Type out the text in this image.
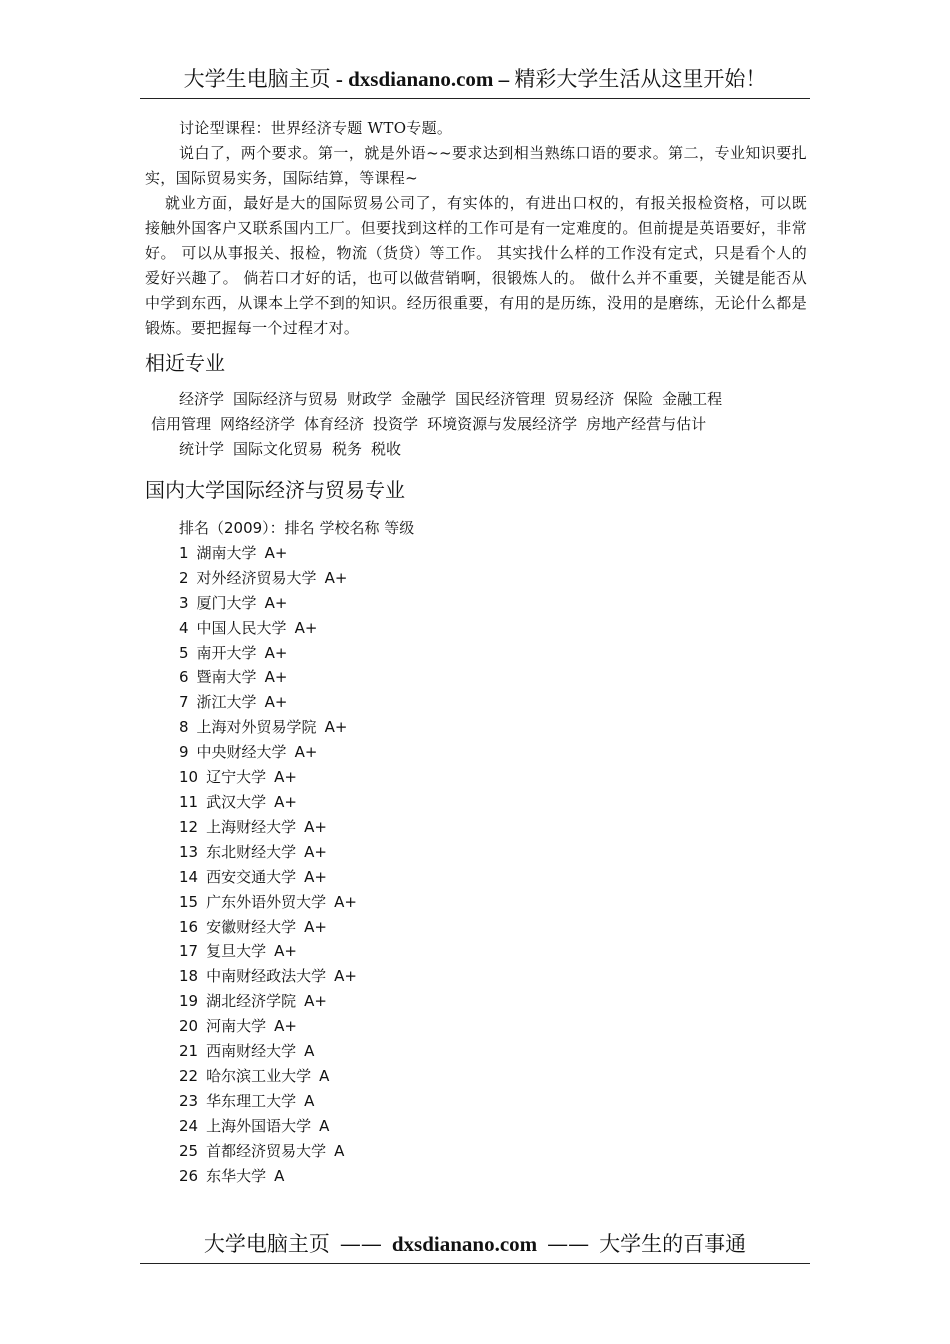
大学生电脑主页 - dxsdianano.com – 精彩大学生活从这里开始！

讨论型课程：世界经济专题 WTO专题。

说白了，两个要求。第一，就是外语~~要求达到相当熟练口语的要求。第二，专业知识要扎实，国际贸易实务，国际结算，等课程~

就业方面，最好是大的国际贸易公司了，有实体的，有进出口权的，有报关报检资格，可以既接触外国客户又联系国内工厂。但要找到这样的工作可是有一定难度的。但前提是英语要好，非常好。 可以从事报关、报检，物流（货贷）等工作。 其实找什么样的工作没有定式，只是看个人的爱好兴趣了。 倘若口才好的话，也可以做营销啊，很锻炼人的。 做什么并不重要，关键是能否从中学到东西，从课本上学不到的知识。经历很重要，有用的是历练，没用的是磨练，无论什么都是锻炼。要把握每一个过程才对。

相近专业
经济学 国际经济与贸易 财政学 金融学 国民经济管理 贸易经济 保险 金融工程
信用管理 网络经济学 体育经济 投资学 环境资源与发展经济学 房地产经营与估计
统计学 国际文化贸易 税务 税收
国内大学国际经济与贸易专业
排名（2009）：排名 学校名称 等级
1 湖南大学 A+
2 对外经济贸易大学 A+
3 厦门大学 A+
4 中国人民大学 A+
5 南开大学 A+
6 暨南大学 A+
7 浙江大学 A+
8 上海对外贸易学院 A+
9 中央财经大学 A+
10 辽宁大学 A+
11 武汉大学 A+
12 上海财经大学 A+
13 东北财经大学 A+
14 西安交通大学 A+
15 广东外语外贸大学 A+
16 安徽财经大学 A+
17 复旦大学 A+
18 中南财经政法大学 A+
19 湖北经济学院 A+
20 河南大学 A+
21 西南财经大学 A
22 哈尔滨工业大学 A
23 华东理工大学 A
24 上海外国语大学 A
25 首都经济贸易大学 A
26 东华大学 A
大学电脑主页 —— dxsdianano.com —— 大学生的百事通
